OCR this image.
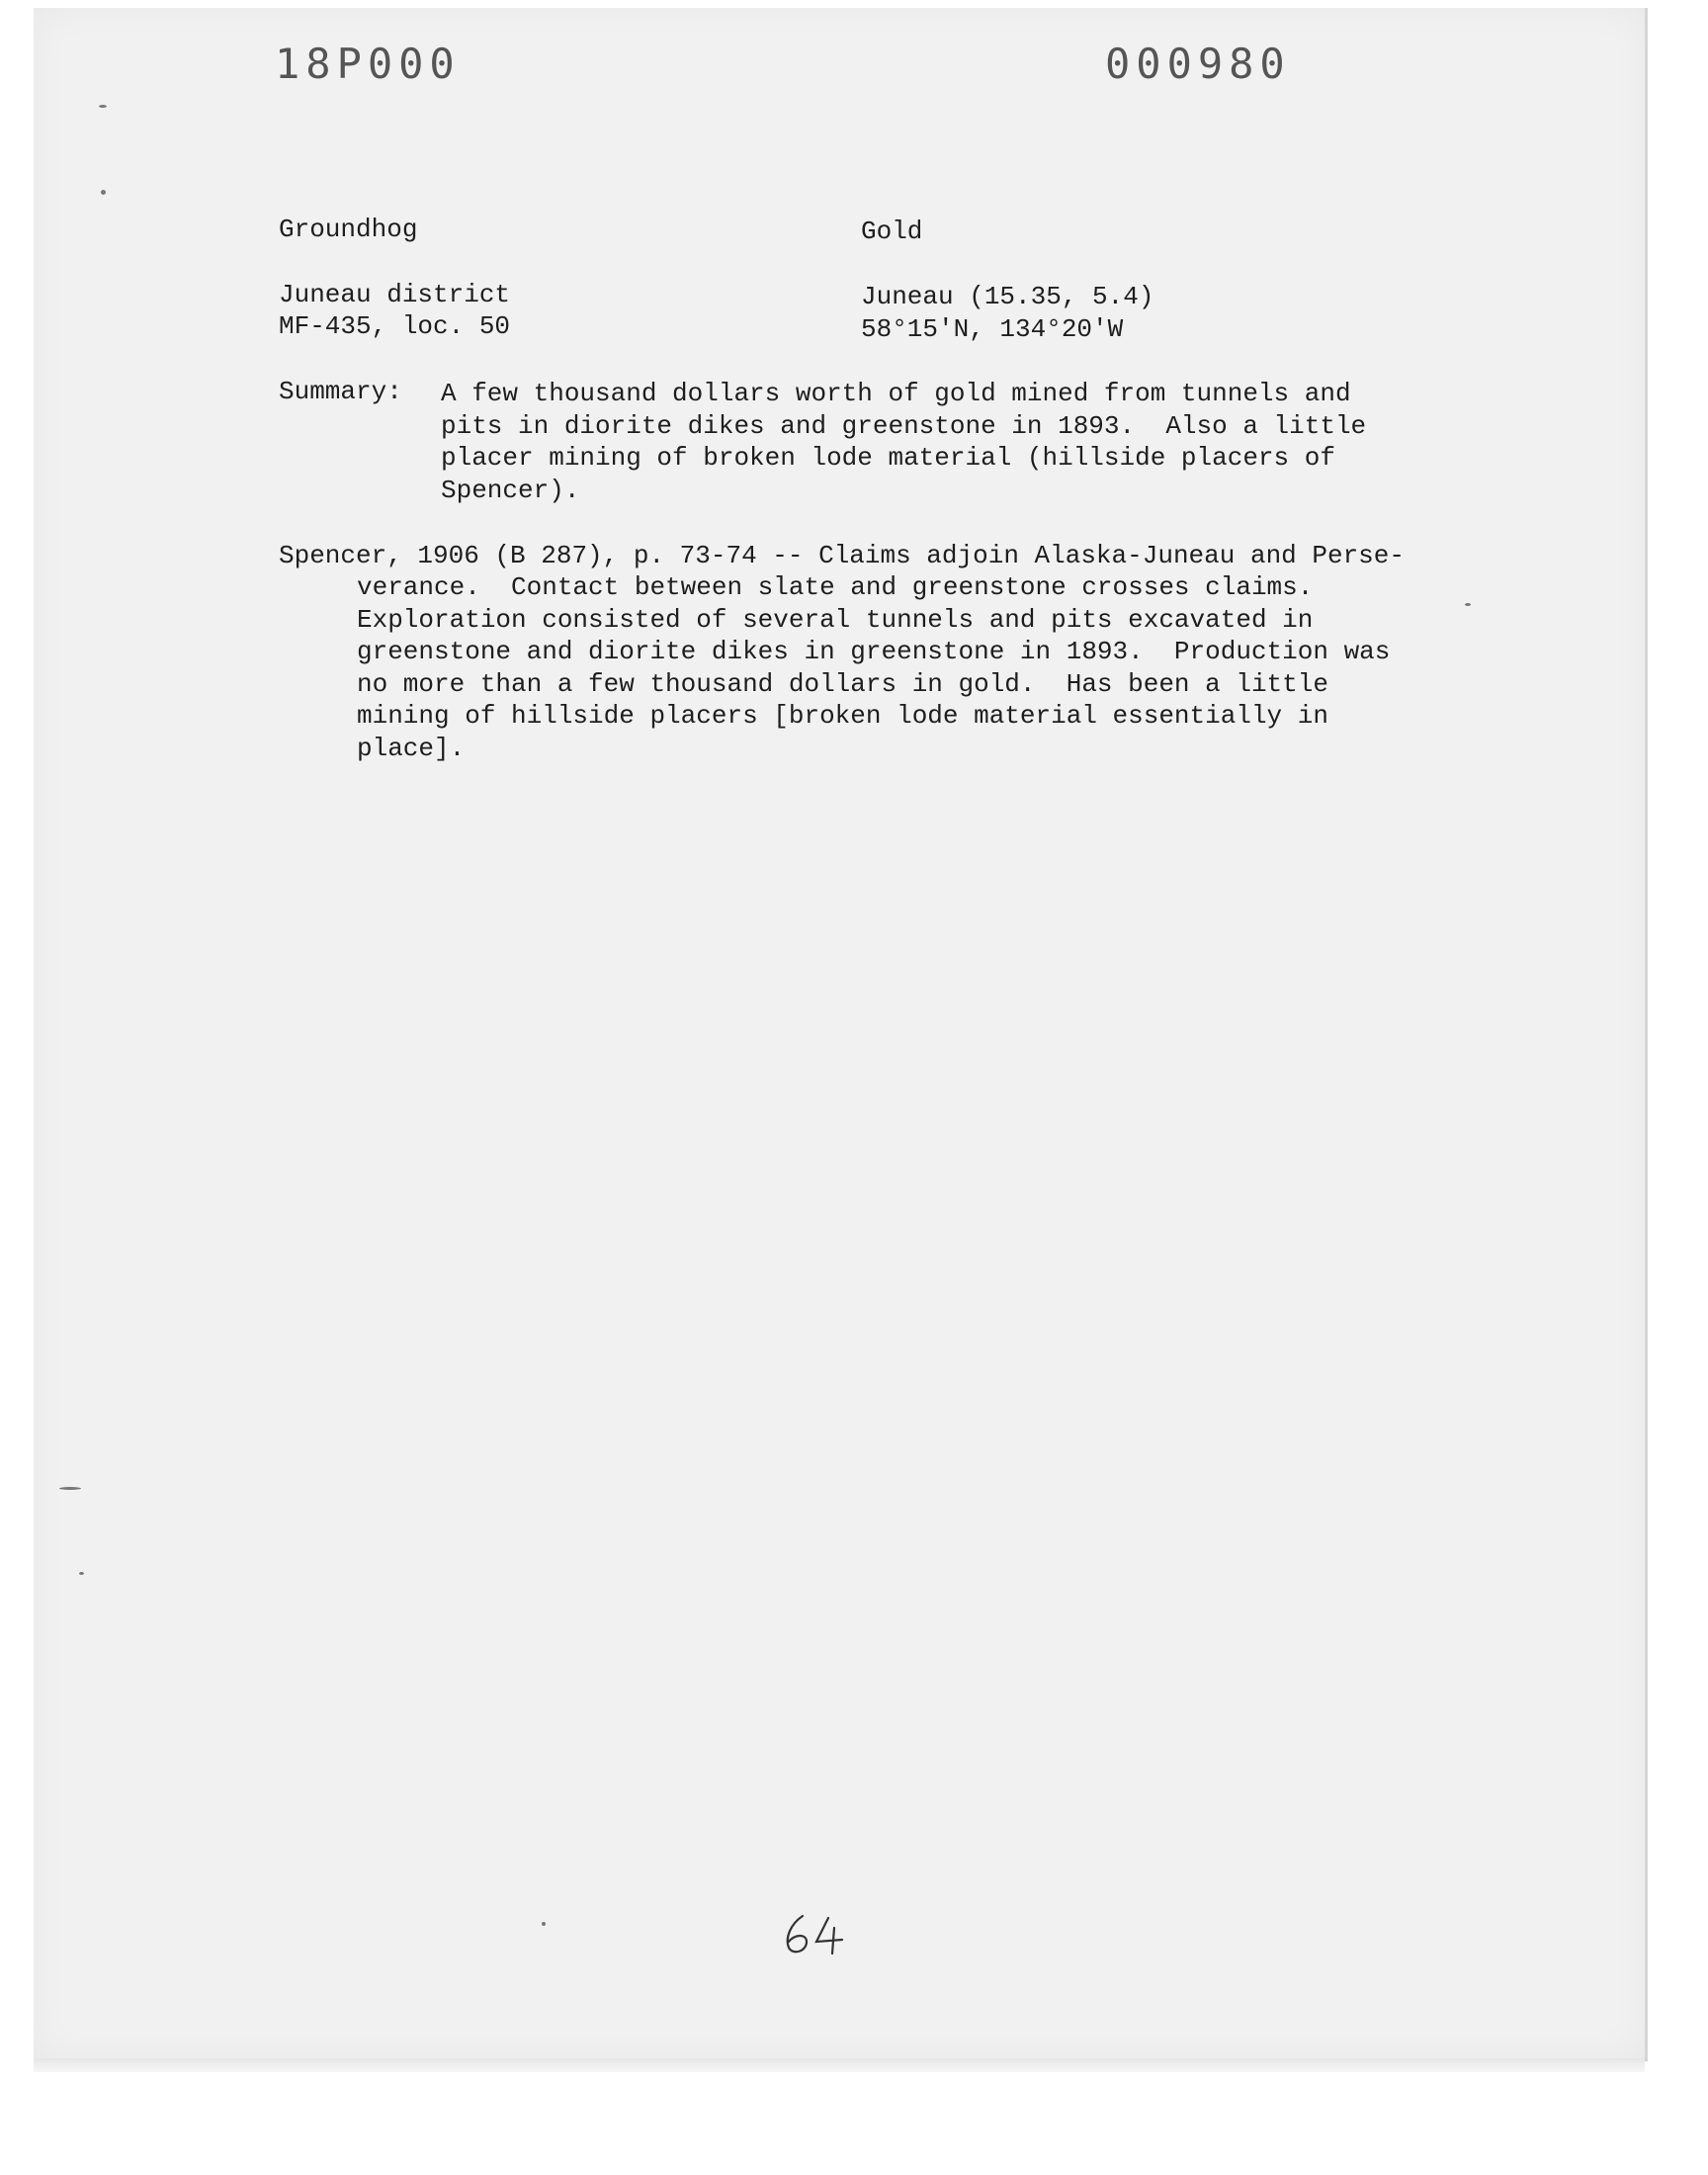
18P000	000980
Groundhog	Gold
Juneau district	Juneau (15.35, 5.4)
MF-435, loc. 50	58°15'N, 134°20'W
Summary: A few thousand dollars worth of gold mined from tunnels and
pits in diorite dikes and greenstone in 1893.  Also a little
placer mining of broken lode material (hillside placers of
Spencer).
Spencer, 1906 (B 287), p. 73-74 -- Claims adjoin Alaska-Juneau and Perse-
verance.  Contact between slate and greenstone crosses claims.
Exploration consisted of several tunnels and pits excavated in
greenstone and diorite dikes in greenstone in 1893.  Production was
no more than a few thousand dollars in gold.  Has been a little
mining of hillside placers [broken lode material essentially in
place].
